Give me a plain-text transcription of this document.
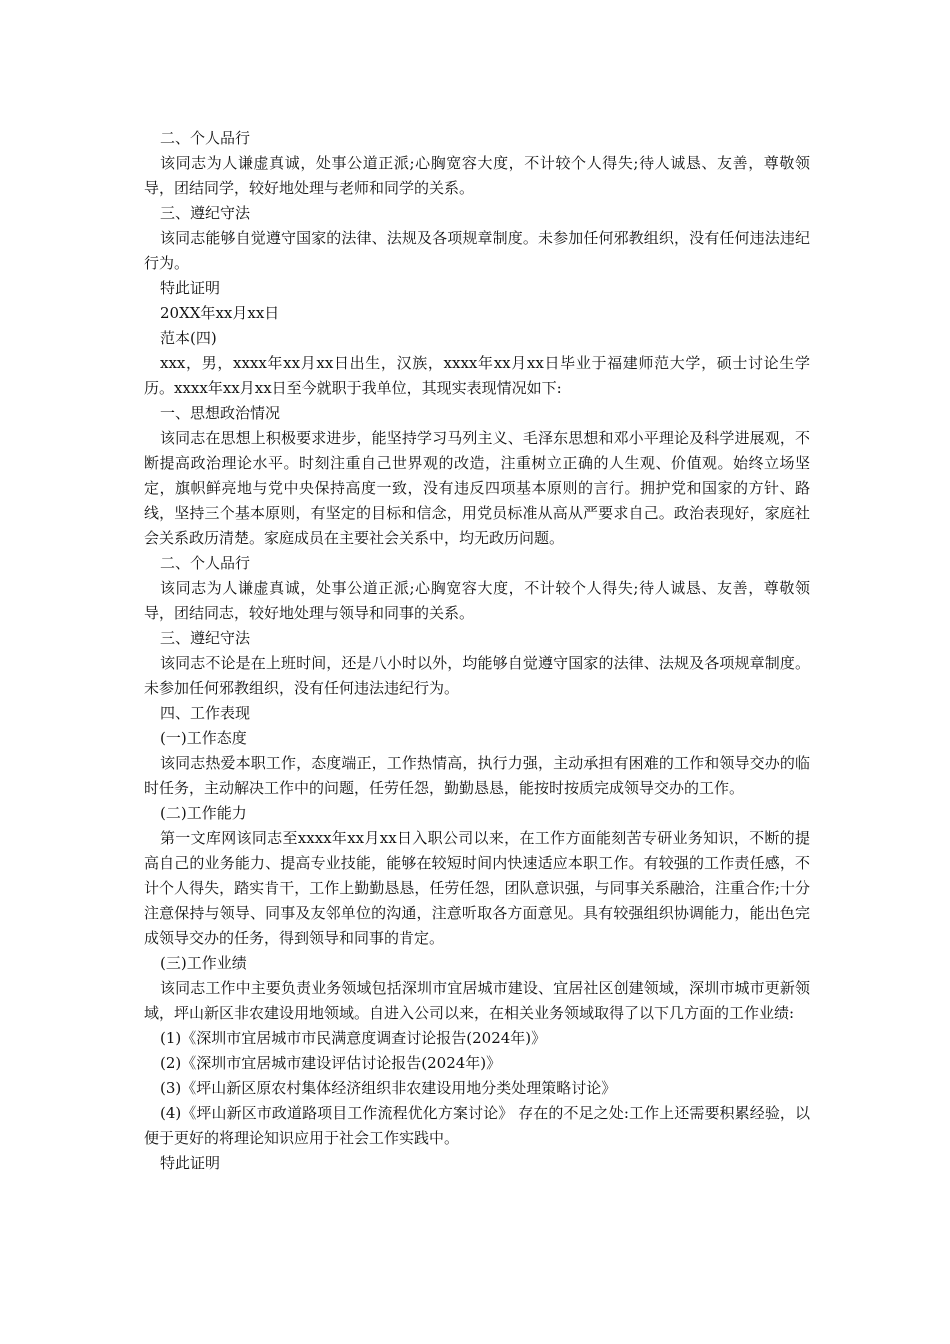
二、个人品行
该同志为人谦虚真诚，处事公道正派;心胸宽容大度，不计较个人得失;待人诚恳、友善，尊敬领导，团结同学，较好地处理与老师和同学的关系。
三、遵纪守法
该同志能够自觉遵守国家的法律、法规及各项规章制度。未参加任何邪教组织，没有任何违法违纪行为。
特此证明
20XX年xx月xx日
范本(四)
xxx，男，xxxx年xx月xx日出生，汉族，xxxx年xx月xx日毕业于福建师范大学，硕士讨论生学历。xxxx年xx月xx日至今就职于我单位，其现实表现情况如下:
一、思想政治情况
该同志在思想上积极要求进步，能坚持学习马列主义、毛泽东思想和邓小平理论及科学进展观，不断提高政治理论水平。时刻注重自己世界观的改造，注重树立正确的人生观、价值观。始终立场坚定，旗帜鲜亮地与党中央保持高度一致，没有违反四项基本原则的言行。拥护党和国家的方针、路线，坚持三个基本原则，有坚定的目标和信念，用党员标准从高从严要求自己。政治表现好，家庭社会关系政历清楚。家庭成员在主要社会关系中，均无政历问题。
二、个人品行
该同志为人谦虚真诚，处事公道正派;心胸宽容大度，不计较个人得失;待人诚恳、友善，尊敬领导，团结同志，较好地处理与领导和同事的关系。
三、遵纪守法
该同志不论是在上班时间，还是八小时以外，均能够自觉遵守国家的法律、法规及各项规章制度。未参加任何邪教组织，没有任何违法违纪行为。
四、工作表现
(一)工作态度
该同志热爱本职工作，态度端正，工作热情高，执行力强，主动承担有困难的工作和领导交办的临时任务，主动解决工作中的问题，任劳任怨，勤勤恳恳，能按时按质完成领导交办的工作。
(二)工作能力
第一文库网该同志至xxxx年xx月xx日入职公司以来，在工作方面能刻苦专研业务知识，不断的提高自己的业务能力、提高专业技能，能够在较短时间内快速适应本职工作。有较强的工作责任感，不计个人得失，踏实肯干，工作上勤勤恳恳，任劳任怨，团队意识强，与同事关系融洽，注重合作;十分注意保持与领导、同事及友邻单位的沟通，注意听取各方面意见。具有较强组织协调能力，能出色完成领导交办的任务，得到领导和同事的肯定。
(三)工作业绩
该同志工作中主要负责业务领域包括深圳市宜居城市建设、宜居社区创建领域，深圳市城市更新领域，坪山新区非农建设用地领域。自进入公司以来，在相关业务领域取得了以下几方面的工作业绩:
(1)《深圳市宜居城市市民满意度调查讨论报告(2024年)》
(2)《深圳市宜居城市建设评估讨论报告(2024年)》
(3)《坪山新区原农村集体经济组织非农建设用地分类处理策略讨论》
(4)《坪山新区市政道路项目工作流程优化方案讨论》 存在的不足之处:工作上还需要积累经验，以便于更好的将理论知识应用于社会工作实践中。
特此证明
